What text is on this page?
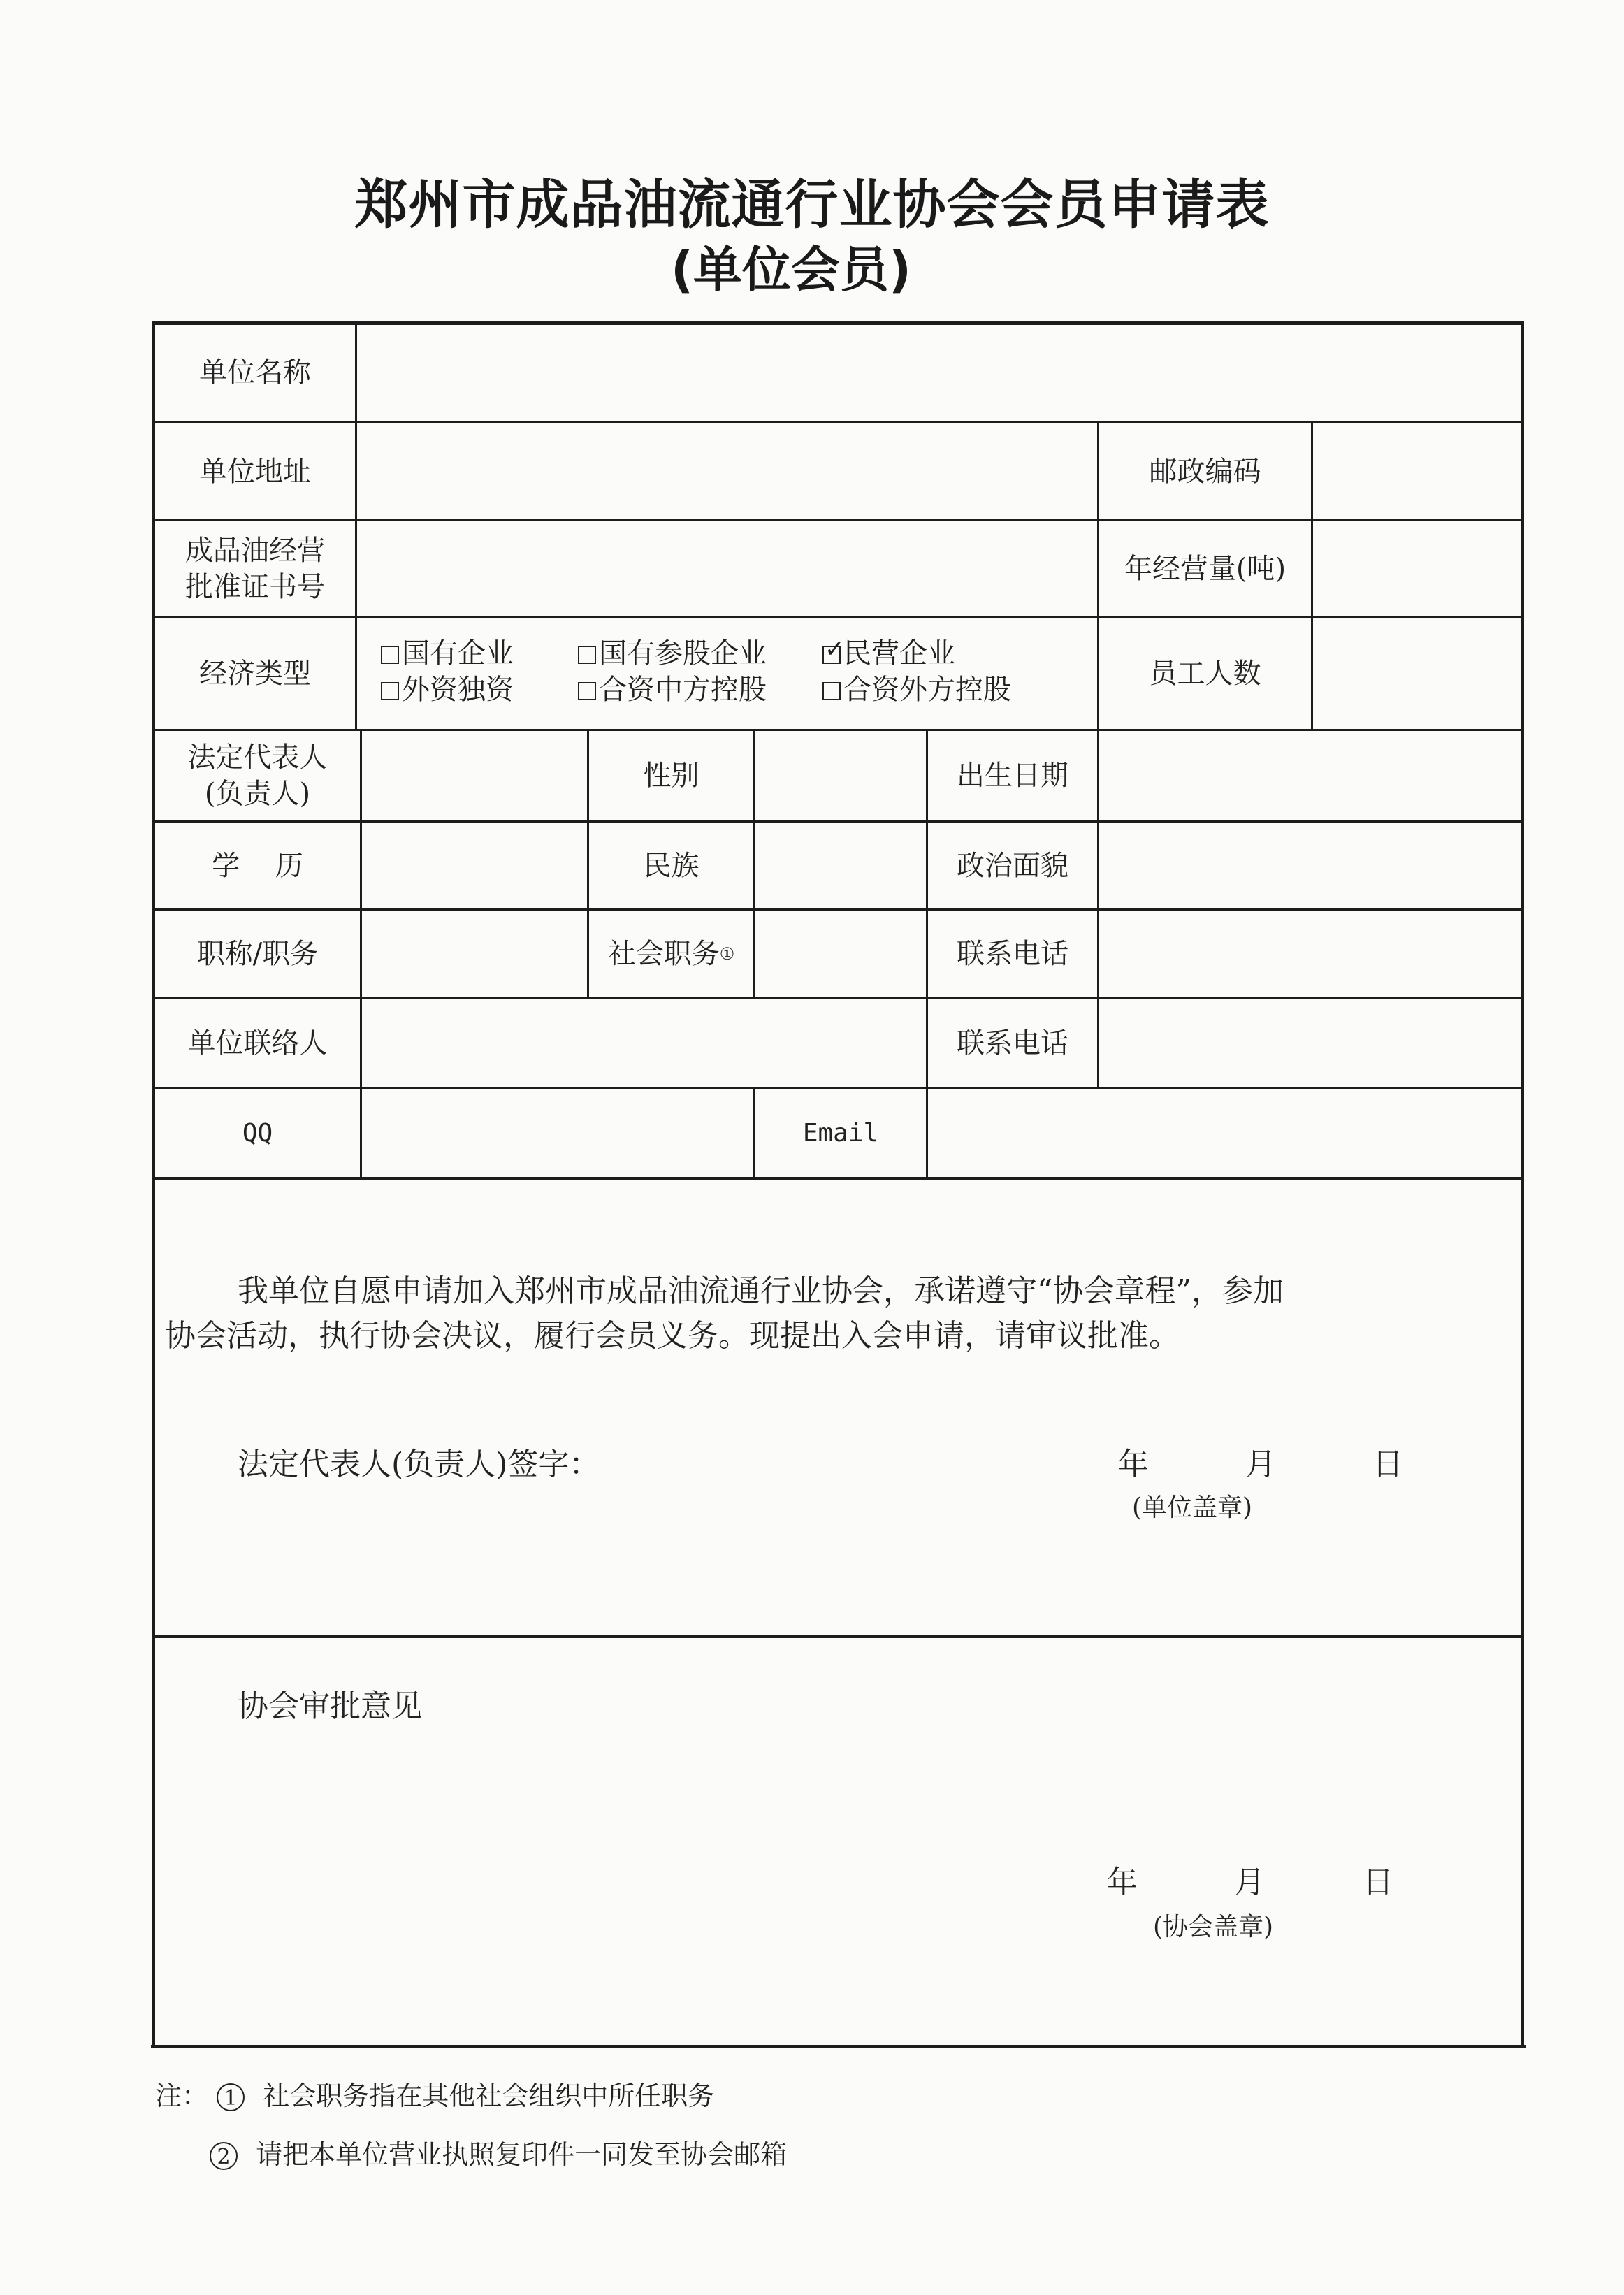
郑州市成品油流通行业协会会员申请表
(单位会员)
单位名称
单位地址	邮政编码
成品油经营
批准证书号
年经营量(吨)
经济类型
国有企业	国有参股企业
✓	民营企业
外资独资	合资中方控股	合资外方控股	员工人数
法定代表人
(负责人)
性别	出生日期
学    历	民族	政治面貌
职称/职务	社会职务 ①	联系电话
单位联络人	联系电话
QQ	Email
我单位自愿申请加入郑州市成品油流通行业协会，承诺遵守“协会章程”，参加
协会活动，执行协会决议，履行会员义务。现提出入会申请，请审议批准。
法定代表人(负责人)签字：	年	月	日
(单位盖章)
协会审批意见
年	月	日
(协会盖章)
注： 1 社会职务指在其他社会组织中所任职务
2 请把本单位营业执照复印件一同发至协会邮箱
